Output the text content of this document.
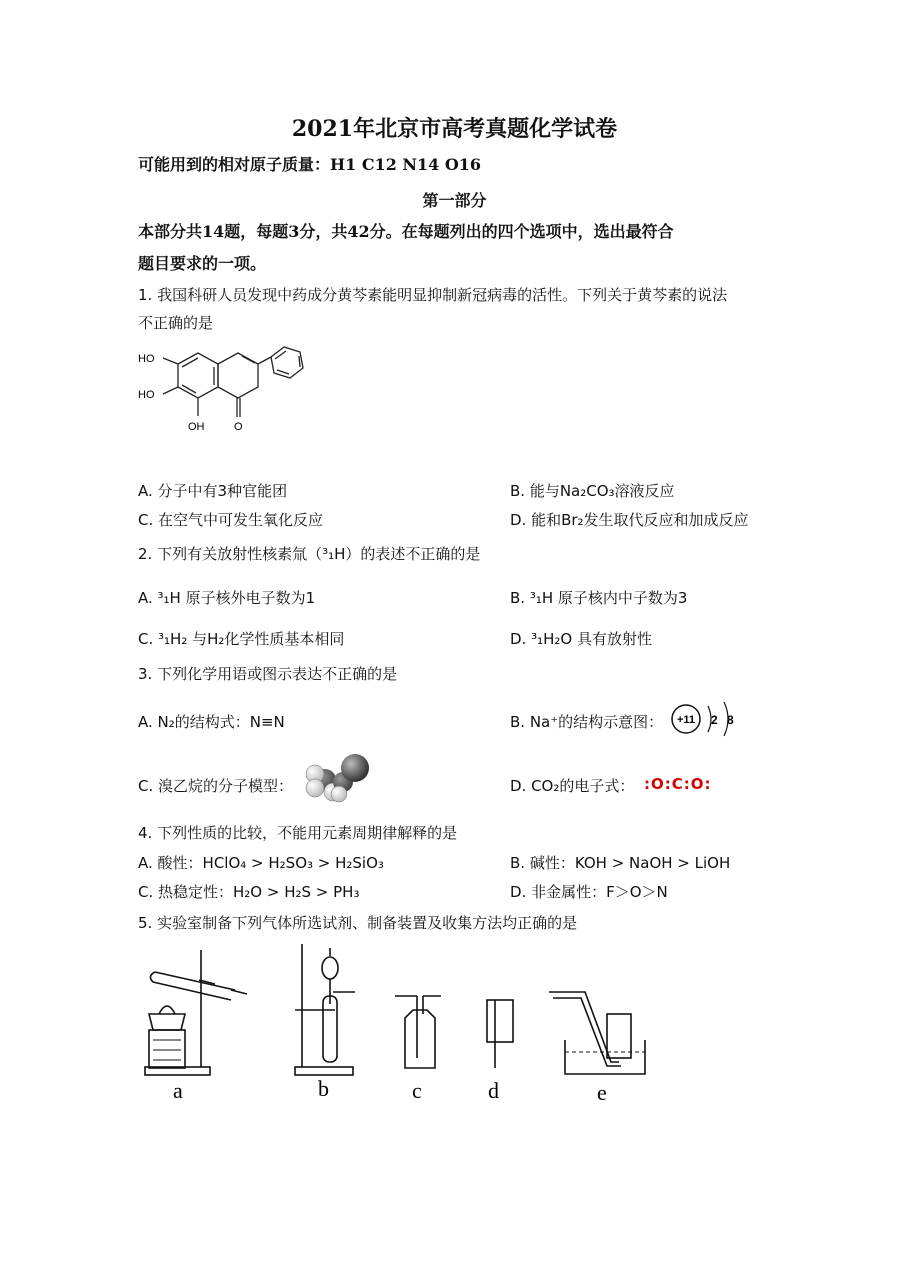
2021年北京市高考真题化学试卷
可能用到的相对原子质量：H1 C12 N14 O16
第一部分
本部分共14题，每题3分，共42分。在每题列出的四个选项中，选出最符合
题目要求的一项。
1. 我国科研人员发现中药成分黄芩素能明显抑制新冠病毒的活性。下列关于黄芩素的说法
不正确的是
HO
HO
OH	O
A. 分子中有3种官能团	B. 能与Na₂CO₃溶液反应
C. 在空气中可发生氧化反应	D. 能和Br₂发生取代反应和加成反应
2. 下列有关放射性核素氚（³₁H）的表述不正确的是
A. ³₁H 原子核外电子数为1	B. ³₁H 原子核内中子数为3
C. ³₁H₂ 与H₂化学性质基本相同	D. ³₁H₂O 具有放射性
3. 下列化学用语或图示表达不正确的是
A. N₂的结构式：N≡N	B. Na⁺的结构示意图： +11 2 8
C. 溴乙烷的分子模型：	D. CO₂的电子式： :O:C:O:
4. 下列性质的比较，不能用元素周期律解释的是
A. 酸性：HClO₄ > H₂SO₃ > H₂SiO₃	B. 碱性：KOH > NaOH > LiOH
C. 热稳定性：H₂O > H₂S > PH₃	D. 非金属性：F＞O＞N
5. 实验室制备下列气体所选试剂、制备装置及收集方法均正确的是
a	b	c	d	e
